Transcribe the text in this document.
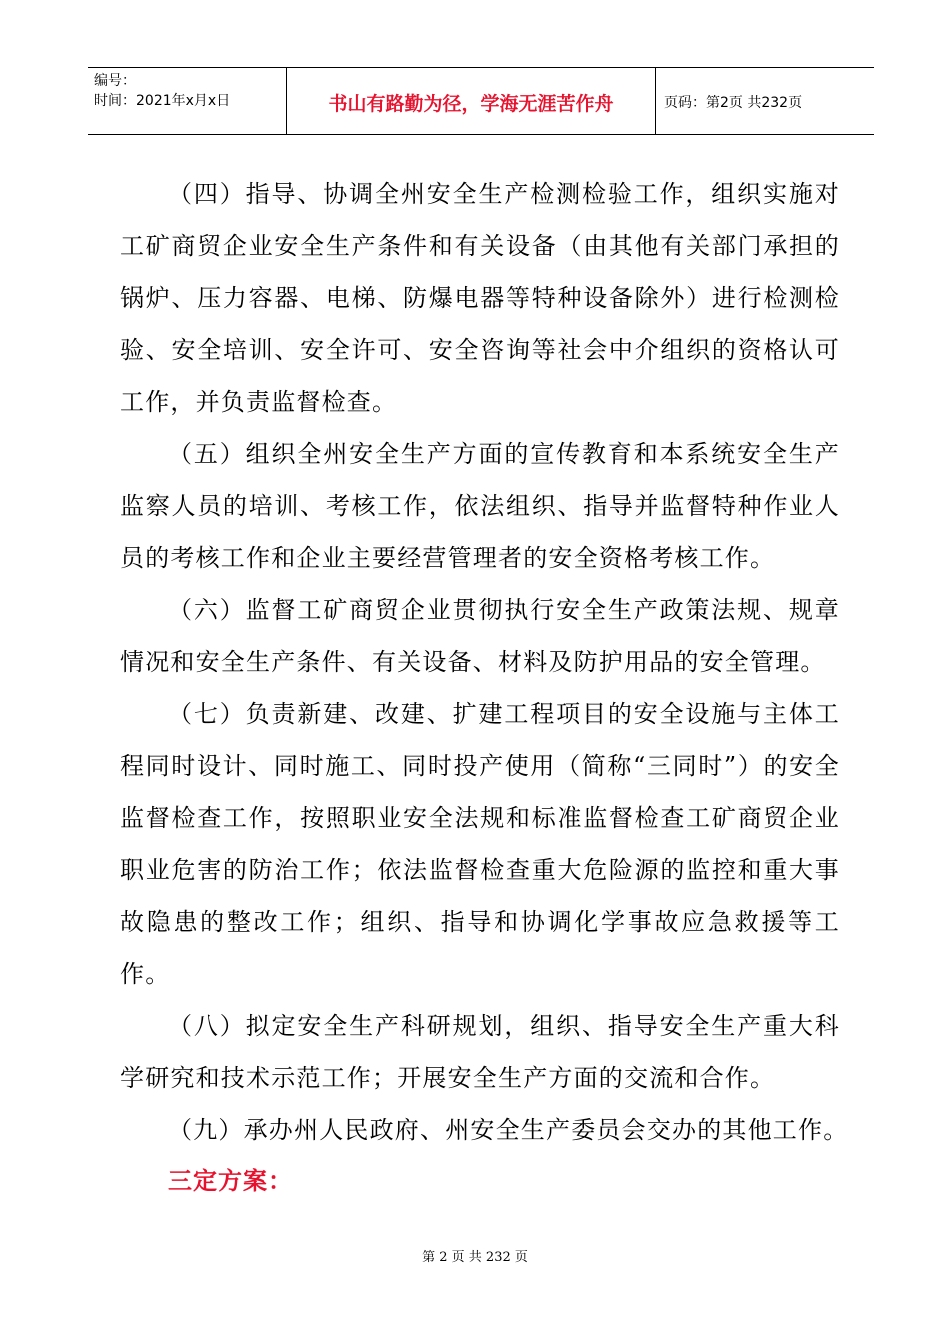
编号：
时间：2021年x月x日	书山有路勤为径，学海无涯苦作舟	页码：第2页 共232页

（四）指导、协调全州安全生产检测检验工作，组织实施对工矿商贸企业安全生产条件和有关设备（由其他有关部门承担的锅炉、压力容器、电梯、防爆电器等特种设备除外）进行检测检验、安全培训、安全许可、安全咨询等社会中介组织的资格认可工作，并负责监督检查。

（五）组织全州安全生产方面的宣传教育和本系统安全生产监察人员的培训、考核工作，依法组织、指导并监督特种作业人员的考核工作和企业主要经营管理者的安全资格考核工作。

（六）监督工矿商贸企业贯彻执行安全生产政策法规、规章情况和安全生产条件、有关设备、材料及防护用品的安全管理。

（七）负责新建、改建、扩建工程项目的安全设施与主体工程同时设计、同时施工、同时投产使用（简称“三同时”）的安全监督检查工作，按照职业安全法规和标准监督检查工矿商贸企业职业危害的防治工作；依法监督检查重大危险源的监控和重大事故隐患的整改工作；组织、指导和协调化学事故应急救援等工作。

（八）拟定安全生产科研规划，组织、指导安全生产重大科学研究和技术示范工作；开展安全生产方面的交流和合作。

（九）承办州人民政府、州安全生产委员会交办的其他工作。

三定方案：

第 2 页 共 232 页
